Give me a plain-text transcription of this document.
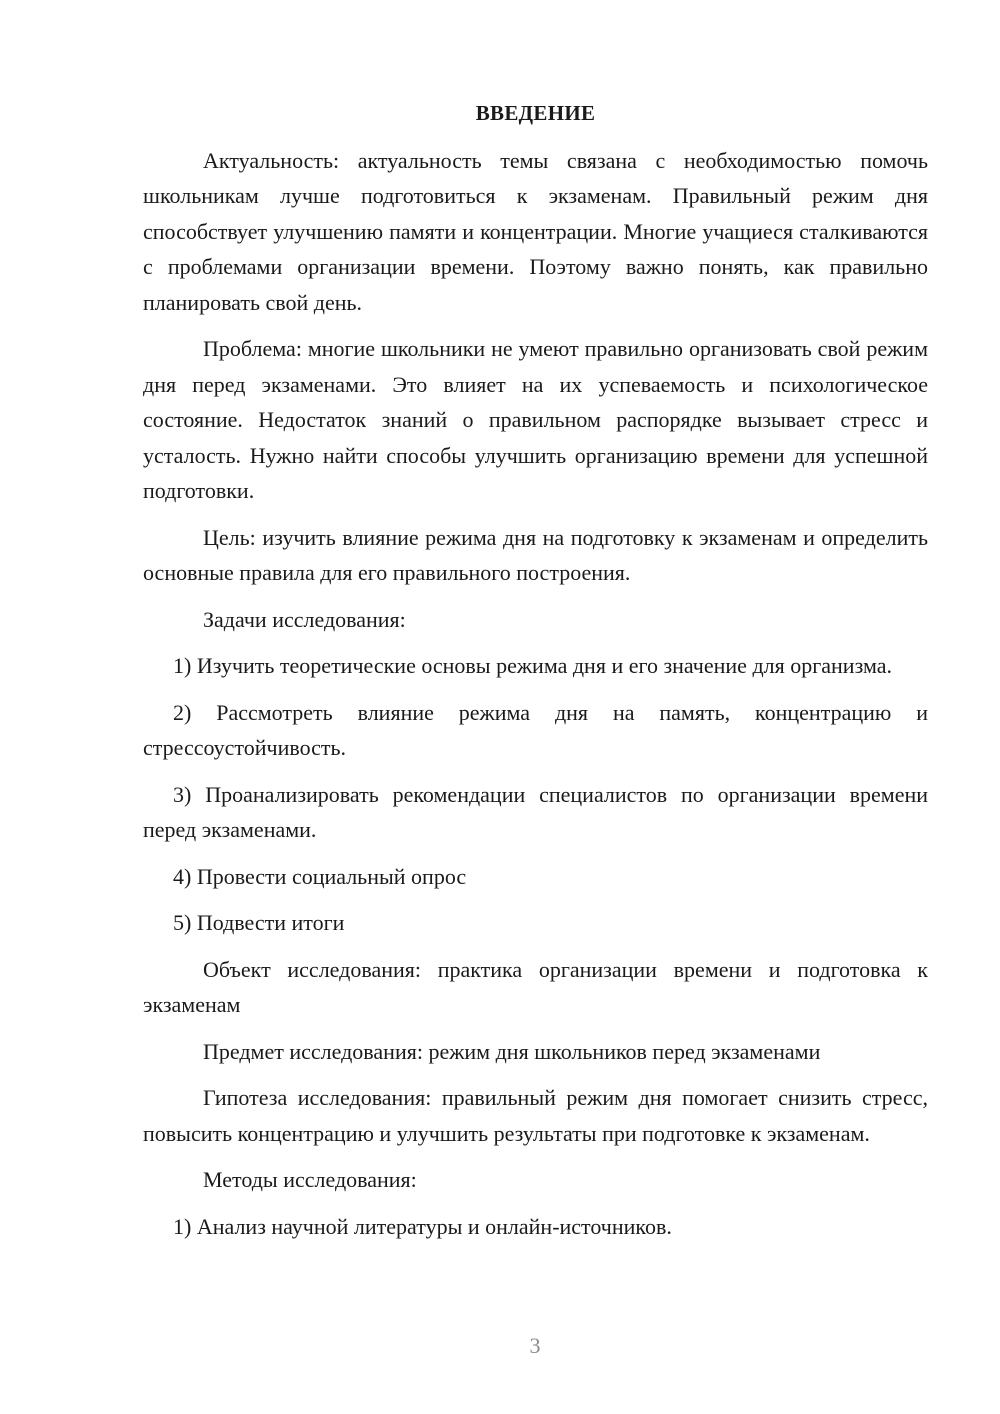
ВВЕДЕНИЕ

Актуальность: актуальность темы связана с необходимостью помочь школьникам лучше подготовиться к экзаменам. Правильный режим дня способствует улучшению памяти и концентрации. Многие учащиеся сталкиваются с проблемами организации времени. Поэтому важно понять, как правильно планировать свой день.

Проблема: многие школьники не умеют правильно организовать свой режим дня перед экзаменами. Это влияет на их успеваемость и психологическое состояние. Недостаток знаний о правильном распорядке вызывает стресс и усталость. Нужно найти способы улучшить организацию времени для успешной подготовки.

Цель: изучить влияние режима дня на подготовку к экзаменам и определить основные правила для его правильного построения.

Задачи исследования:

1) Изучить теоретические основы режима дня и его значение для организма.

2) Рассмотреть влияние режима дня на память, концентрацию и стрессоустойчивость.

3) Проанализировать рекомендации специалистов по организации времени перед экзаменами.

4) Провести социальный опрос

5) Подвести итоги

Объект исследования: практика организации времени и подготовка к экзаменам

Предмет исследования: режим дня школьников перед экзаменами

Гипотеза исследования: правильный режим дня помогает снизить стресс, повысить концентрацию и улучшить результаты при подготовке к экзаменам.

Методы исследования:

1) Анализ научной литературы и онлайн-источников.

3
